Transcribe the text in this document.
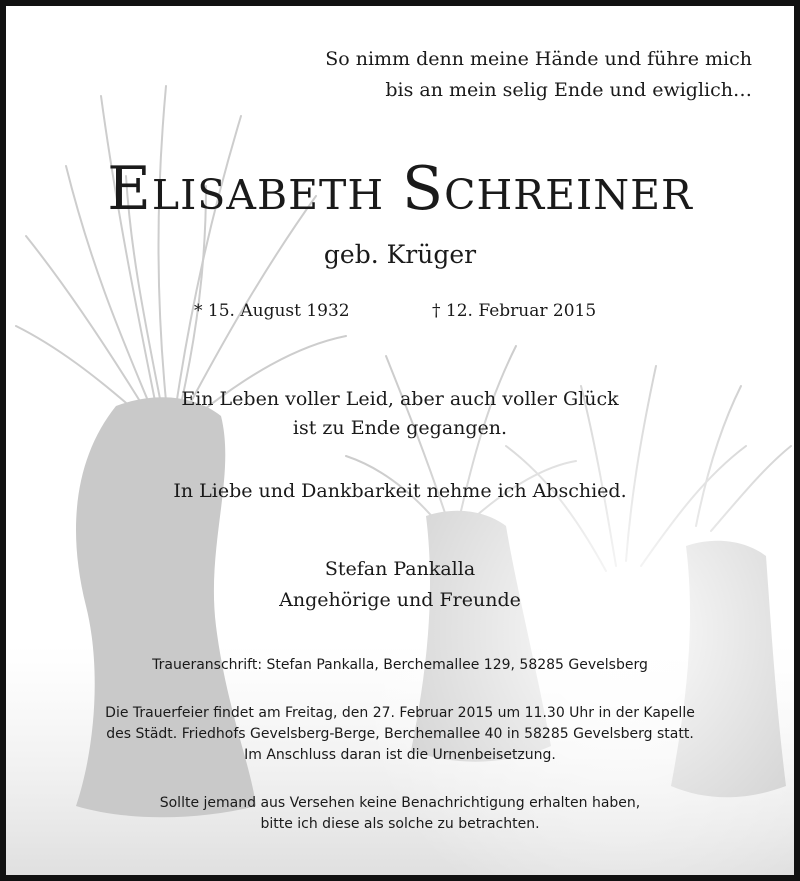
So nimm denn meine Hände und führe mich
bis an mein selig Ende und ewiglich…
ELISABETH SCHREINER
geb. Krüger
* 15. August 1932	† 12. Februar 2015
Ein Leben voller Leid, aber auch voller Glück
ist zu Ende gegangen.
In Liebe und Dankbarkeit nehme ich Abschied.
Stefan Pankalla
Angehörige und Freunde
Traueranschrift: Stefan Pankalla, Berchemallee 129, 58285 Gevelsberg
Die Trauerfeier findet am Freitag, den 27. Februar 2015 um 11.30 Uhr in der Kapelle
des Städt. Friedhofs Gevelsberg-Berge, Berchemallee 40 in 58285 Gevelsberg statt.
Im Anschluss daran ist die Urnenbeisetzung.
Sollte jemand aus Versehen keine Benachrichtigung erhalten haben,
bitte ich diese als solche zu betrachten.
